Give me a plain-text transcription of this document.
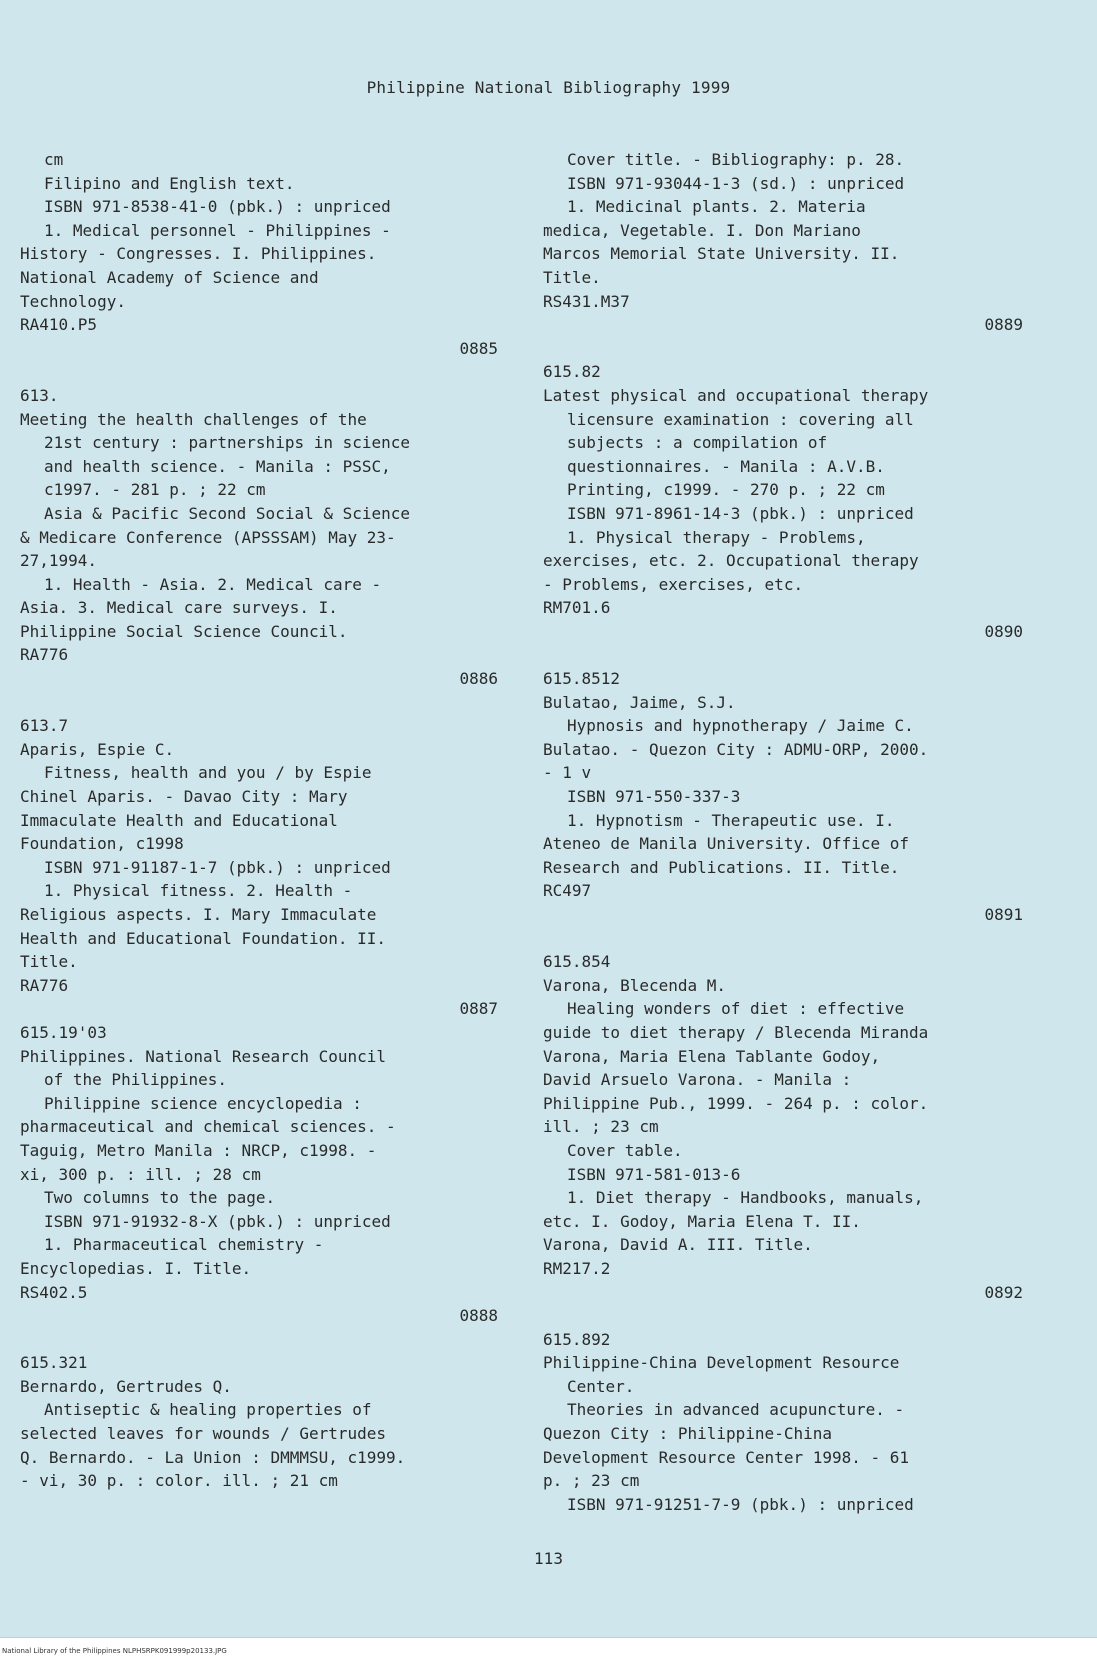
Philippine National Bibliography 1999
cm
Filipino and English text.
ISBN 971-8538-41-0 (pbk.) : unpriced
1. Medical personnel - Philippines -
History - Congresses. I. Philippines.
National Academy of Science and
Technology.
RA410.P5
0885
613.
Meeting the health challenges of the
21st century : partnerships in science
and health science. - Manila : PSSC,
c1997. - 281 p. ; 22 cm
Asia & Pacific Second Social & Science
& Medicare Conference (APSSSAM) May 23-
27,1994.
1. Health - Asia. 2. Medical care -
Asia. 3. Medical care surveys. I.
Philippine Social Science Council.
RA776
0886
613.7
Aparis, Espie C.
Fitness, health and you / by Espie
Chinel Aparis. - Davao City : Mary
Immaculate Health and Educational
Foundation, c1998
ISBN 971-91187-1-7 (pbk.) : unpriced
1. Physical fitness. 2. Health -
Religious aspects. I. Mary Immaculate
Health and Educational Foundation. II.
Title.
RA776
0887
615.19'03
Philippines. National Research Council
of the Philippines.
Philippine science encyclopedia :
pharmaceutical and chemical sciences. -
Taguig, Metro Manila : NRCP, c1998. -
xi, 300 p. : ill. ; 28 cm
Two columns to the page.
ISBN 971-91932-8-X (pbk.) : unpriced
1. Pharmaceutical chemistry -
Encyclopedias. I. Title.
RS402.5
0888
615.321
Bernardo, Gertrudes Q.
Antiseptic & healing properties of
selected leaves for wounds / Gertrudes
Q. Bernardo. - La Union : DMMMSU, c1999.
- vi, 30 p. : color. ill. ; 21 cm
Cover title. - Bibliography: p. 28.
ISBN 971-93044-1-3 (sd.) : unpriced
1. Medicinal plants. 2. Materia
medica, Vegetable. I. Don Mariano
Marcos Memorial State University. II.
Title.
RS431.M37
0889
615.82
Latest physical and occupational therapy
licensure examination : covering all
subjects : a compilation of
questionnaires. - Manila : A.V.B.
Printing, c1999. - 270 p. ; 22 cm
ISBN 971-8961-14-3 (pbk.) : unpriced
1. Physical therapy - Problems,
exercises, etc. 2. Occupational therapy
- Problems, exercises, etc.
RM701.6
0890
615.8512
Bulatao, Jaime, S.J.
Hypnosis and hypnotherapy / Jaime C.
Bulatao. - Quezon City : ADMU-ORP, 2000.
- 1 v
ISBN 971-550-337-3
1. Hypnotism - Therapeutic use. I.
Ateneo de Manila University. Office of
Research and Publications. II. Title.
RC497
0891
615.854
Varona, Blecenda M.
Healing wonders of diet : effective
guide to diet therapy / Blecenda Miranda
Varona, Maria Elena Tablante Godoy,
David Arsuelo Varona. - Manila :
Philippine Pub., 1999. - 264 p. : color.
ill. ; 23 cm
Cover table.
ISBN 971-581-013-6
1. Diet therapy - Handbooks, manuals,
etc. I. Godoy, Maria Elena T. II.
Varona, David A. III. Title.
RM217.2
0892
615.892
Philippine-China Development Resource
Center.
Theories in advanced acupuncture. -
Quezon City : Philippine-China
Development Resource Center 1998. - 61
p. ; 23 cm
ISBN 971-91251-7-9 (pbk.) : unpriced
113
National Library of the Philippines NLPHSRPK091999p20133.JPG
